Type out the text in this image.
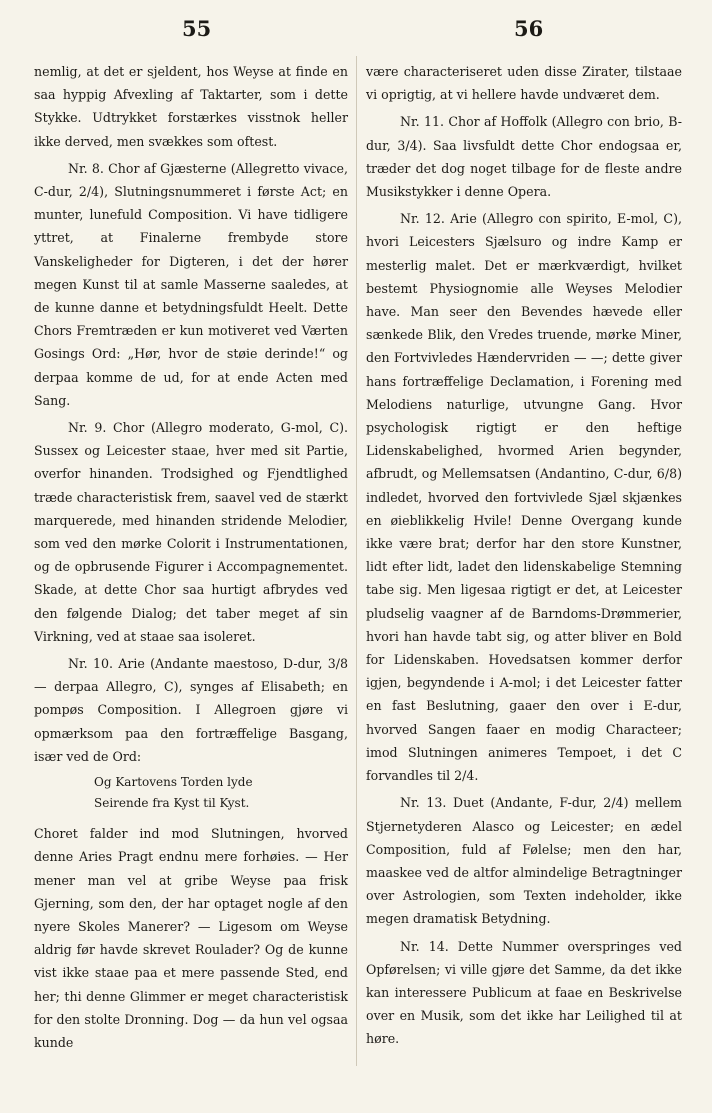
55	56

nemlig, at det er sjeldent, hos Weyse at finde en saa hyppig Afvexling af Taktarter, som i dette Stykke. Udtrykket forstærkes visstnok heller ikke derved, men svækkes som oftest.

Nr. 8. Chor af Gjæsterne (Allegretto vivace, C-dur, 2/4), Slutningsnummeret i første Act; en munter, lunefuld Composition. Vi have tidligere yttret, at Finalerne frembyde store Vanskeligheder for Digteren, i det der hører megen Kunst til at samle Masserne saaledes, at de kunne danne et betydningsfuldt Heelt. Dette Chors Fremtræden er kun motiveret ved Værten Gosings Ord: „Hør, hvor de støie derinde!“ og derpaa komme de ud, for at ende Acten med Sang.

Nr. 9. Chor (Allegro moderato, G-mol, C). Sussex og Leicester staae, hver med sit Partie, overfor hinanden. Trodsighed og Fjendtlighed træde characteristisk frem, saavel ved de stærkt marquerede, med hinanden stridende Melodier, som ved den mørke Colorit i Instrumentationen, og de opbrusende Figurer i Accompagnementet. Skade, at dette Chor saa hurtigt afbrydes ved den følgende Dialog; det taber meget af sin Virkning, ved at staae saa isoleret.

Nr. 10. Arie (Andante maestoso, D-dur, 3/8 — derpaa Allegro, C), synges af Elisabeth; en pompøs Composition. I Allegroen gjøre vi opmærksom paa den fortræffelige Basgang, især ved de Ord:

Og Kartovens Torden lyde
Seirende fra Kyst til Kyst.

Choret falder ind mod Slutningen, hvorved denne Aries Pragt endnu mere forhøies. — Her mener man vel at gribe Weyse paa frisk Gjerning, som den, der har optaget nogle af den nyere Skoles Manerer? — Ligesom om Weyse aldrig før havde skrevet Roulader? Og de kunne vist ikke staae paa et mere passende Sted, end her; thi denne Glimmer er meget characteristisk for den stolte Dronning. Dog — da hun vel ogsaa kunde

være characteriseret uden disse Zirater, tilstaae vi oprigtig, at vi hellere havde undværet dem.

Nr. 11. Chor af Hoffolk (Allegro con brio, B-dur, 3/4). Saa livsfuldt dette Chor endogsaa er, træder det dog noget tilbage for de fleste andre Musikstykker i denne Opera.

Nr. 12. Arie (Allegro con spirito, E-mol, C), hvori Leicesters Sjælsuro og indre Kamp er mesterlig malet. Det er mærkværdigt, hvilket bestemt Physiognomie alle Weyses Melodier have. Man seer den Bevendes hævede eller sænkede Blik, den Vredes truende, mørke Miner, den Fortvivledes Hændervriden — —; dette giver hans fortræffelige Declamation, i Forening med Melodiens naturlige, utvungne Gang. Hvor psychologisk rigtigt er den heftige Lidenskabelighed, hvormed Arien begynder, afbrudt, og Mellemsatsen (Andantino, C-dur, 6/8) indledet, hvorved den fortvivlede Sjæl skjænkes en øieblikkelig Hvile! Denne Overgang kunde ikke være brat; derfor har den store Kunstner, lidt efter lidt, ladet den lidenskabelige Stemning tabe sig. Men ligesaa rigtigt er det, at Leicester pludselig vaagner af de Barndoms-Drømmerier, hvori han havde tabt sig, og atter bliver en Bold for Lidenskaben. Hovedsatsen kommer derfor igjen, begyndende i A-mol; i det Leicester fatter en fast Beslutning, gaaer den over i E-dur, hvorved Sangen faaer en modig Characteer; imod Slutningen animeres Tempoet, i det C forvandles til 2/4.

Nr. 13. Duet (Andante, F-dur, 2/4) mellem Stjernetyderen Alasco og Leicester; en ædel Composition, fuld af Følelse; men den har, maaskee ved de altfor almindelige Betragtninger over Astrologien, som Texten indeholder, ikke megen dramatisk Betydning.

Nr. 14. Dette Nummer overspringes ved Opførelsen; vi ville gjøre det Samme, da det ikke kan interessere Publicum at faae en Beskrivelse over en Musik, som det ikke har Leilighed til at høre.
